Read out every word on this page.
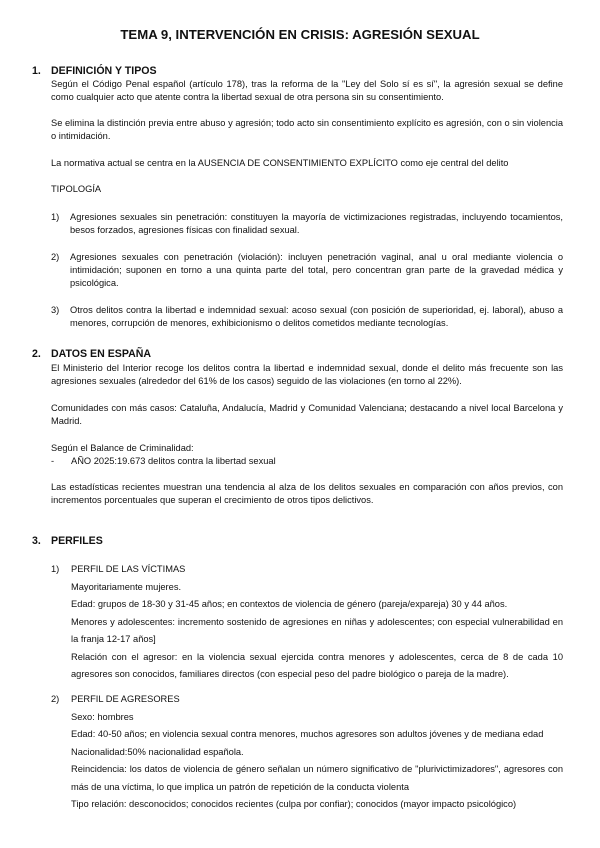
TEMA 9, INTERVENCIÓN EN CRISIS: AGRESIÓN SEXUAL
1. DEFINICIÓN Y TIPOS

Según el Código Penal español (artículo 178), tras la reforma de la "Ley del Solo sí es sí", la agresión sexual se define como cualquier acto que atente contra la libertad sexual de otra persona sin su consentimiento.

Se elimina la distinción previa entre abuso y agresión; todo acto sin consentimiento explícito es agresión, con o sin violencia o intimidación.

La normativa actual se centra en la AUSENCIA DE CONSENTIMIENTO EXPLÍCITO como eje central del delito

TIPOLOGÍA

1) Agresiones sexuales sin penetración: constituyen la mayoría de victimizaciones registradas, incluyendo tocamientos, besos forzados, agresiones físicas con finalidad sexual.
2) Agresiones sexuales con penetración (violación): incluyen penetración vaginal, anal u oral mediante violencia o intimidación; suponen en torno a una quinta parte del total, pero concentran gran parte de la gravedad médica y psicológica.
3) Otros delitos contra la libertad e indemnidad sexual: acoso sexual (con posición de superioridad, ej. laboral), abuso a menores, corrupción de menores, exhibicionismo o delitos cometidos mediante tecnologías.
2. DATOS EN ESPAÑA

El Ministerio del Interior recoge los delitos contra la libertad e indemnidad sexual, donde el delito más frecuente son las agresiones sexuales (alrededor del 61% de los casos) seguido de las violaciones (en torno al 22%).

Comunidades con más casos: Cataluña, Andalucía, Madrid y Comunidad Valenciana; destacando a nivel local Barcelona y Madrid.

Según el Balance de Criminalidad:

- AÑO 2025:19.673 delitos contra la libertad sexual

Las estadísticas recientes muestran una tendencia al alza de los delitos sexuales en comparación con años previos, con incrementos porcentuales que superan el crecimiento de otros tipos delictivos.

3. PERFILES
1) PERFIL DE LAS VÍCTIMAS
Mayoritariamente mujeres.
Edad: grupos de 18-30 y 31-45 años; en contextos de violencia de género (pareja/expareja) 30 y 44 años.
Menores y adolescentes: incremento sostenido de agresiones en niñas y adolescentes; con especial vulnerabilidad en la franja 12-17 años]
Relación con el agresor: en la violencia sexual ejercida contra menores y adolescentes, cerca de 8 de cada 10 agresores son conocidos, familiares directos (con especial peso del padre biológico o pareja de la madre).
2) PERFIL DE AGRESORES
Sexo: hombres
Edad: 40-50 años; en violencia sexual contra menores, muchos agresores son adultos jóvenes y de mediana edad
Nacionalidad:50% nacionalidad española.
Reincidencia: los datos de violencia de género señalan un número significativo de "plurivictimizadores", agresores con más de una víctima, lo que implica un patrón de repetición de la conducta violenta
Tipo relación: desconocidos; conocidos recientes (culpa por confiar); conocidos (mayor impacto psicológico)
